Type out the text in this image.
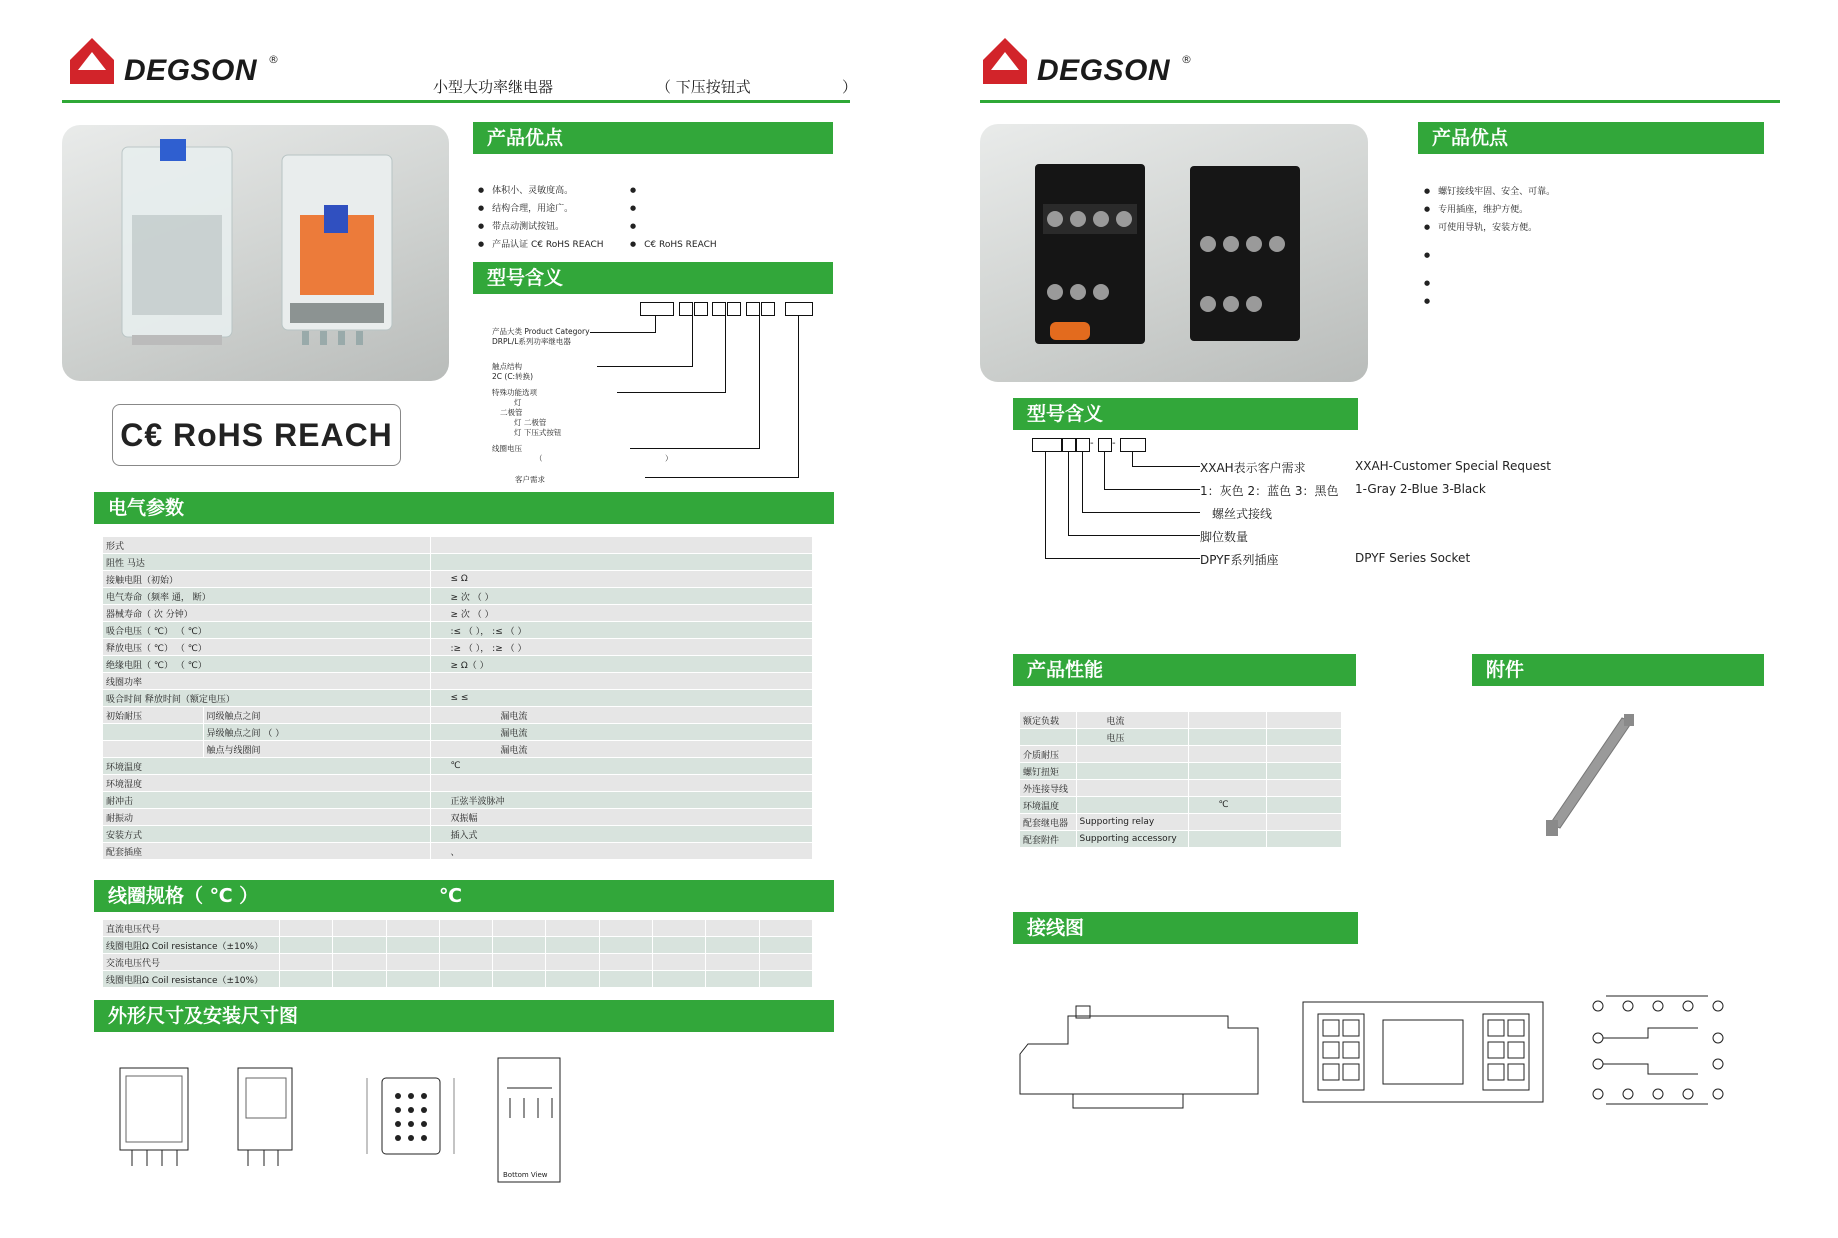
DEGSON ®
小型大功率继电器	（ 下压按钮式	）
C€ RoHS REACH
产品优点
● 体积小、灵敏度高。
● 结构合理，用途广。
● 带点动测试按钮。
● 产品认证 C€ RoHS REACH
●
●
●	● C€ RoHS REACH
型号含义
产品大类 Product Category
DRPL/L系列功率继电器
触点结构
2C (C:转换)
特殊功能选项
灯
二极管
灯 二极管
灯 下压式按钮
线圈电压
（	）
客户需求
电气参数
形式		
阻性 马达		
接触电阻（初始）		≤ Ω
电气寿命（频率 通， 断）		≥ 次 （ ）
器械寿命（ 次 分钟）		≥ 次 （ ）
吸合电压（ ℃） （ ℃）		:≤ （ ）， :≤ （ ）
释放电压（ ℃） （ ℃）		:≥ （ ）， :≥ （ ）
绝缘电阻（ ℃） （ ℃）		≥ Ω（ ）
线圈功率		
吸合时间 释放时间（额定电压）		≤ ≤
初始耐压	同级触点之间	漏电流
	异级触点之间 （ ）	漏电流
	触点与线圈间	漏电流
环境温度		℃
环境湿度		
耐冲击		正弦半波脉冲
耐振动		双振幅
安装方式		插入式
配套插座		、
线圈规格（ ℃ ）	℃
直流电压代号										
线圈电阻Ω Coil resistance（±10%）										
交流电压代号										
线圈电阻Ω Coil resistance（±10%）										
外形尺寸及安装尺寸图
Bottom View
DEGSON ®
产品优点
● 螺钉接线牢固、安全、可靠。
● 专用插座，维护方便。
● 可使用导轨，安装方便。
●
●
●
型号含义
- -
XXAH表示客户需求	XXAH-Customer Special Request
1：灰色 2：蓝色 3：黑色 1-Gray 2-Blue 3-Black
螺丝式接线
脚位数量
DPYF系列插座	DPYF Series Socket
产品性能	附件
额定负载	电流		
	电压		
介质耐压			
螺钉扭矩			
外连接导线			
环境温度		℃	
配套继电器	Supporting relay		
配套附件	Supporting accessory		
接线图
